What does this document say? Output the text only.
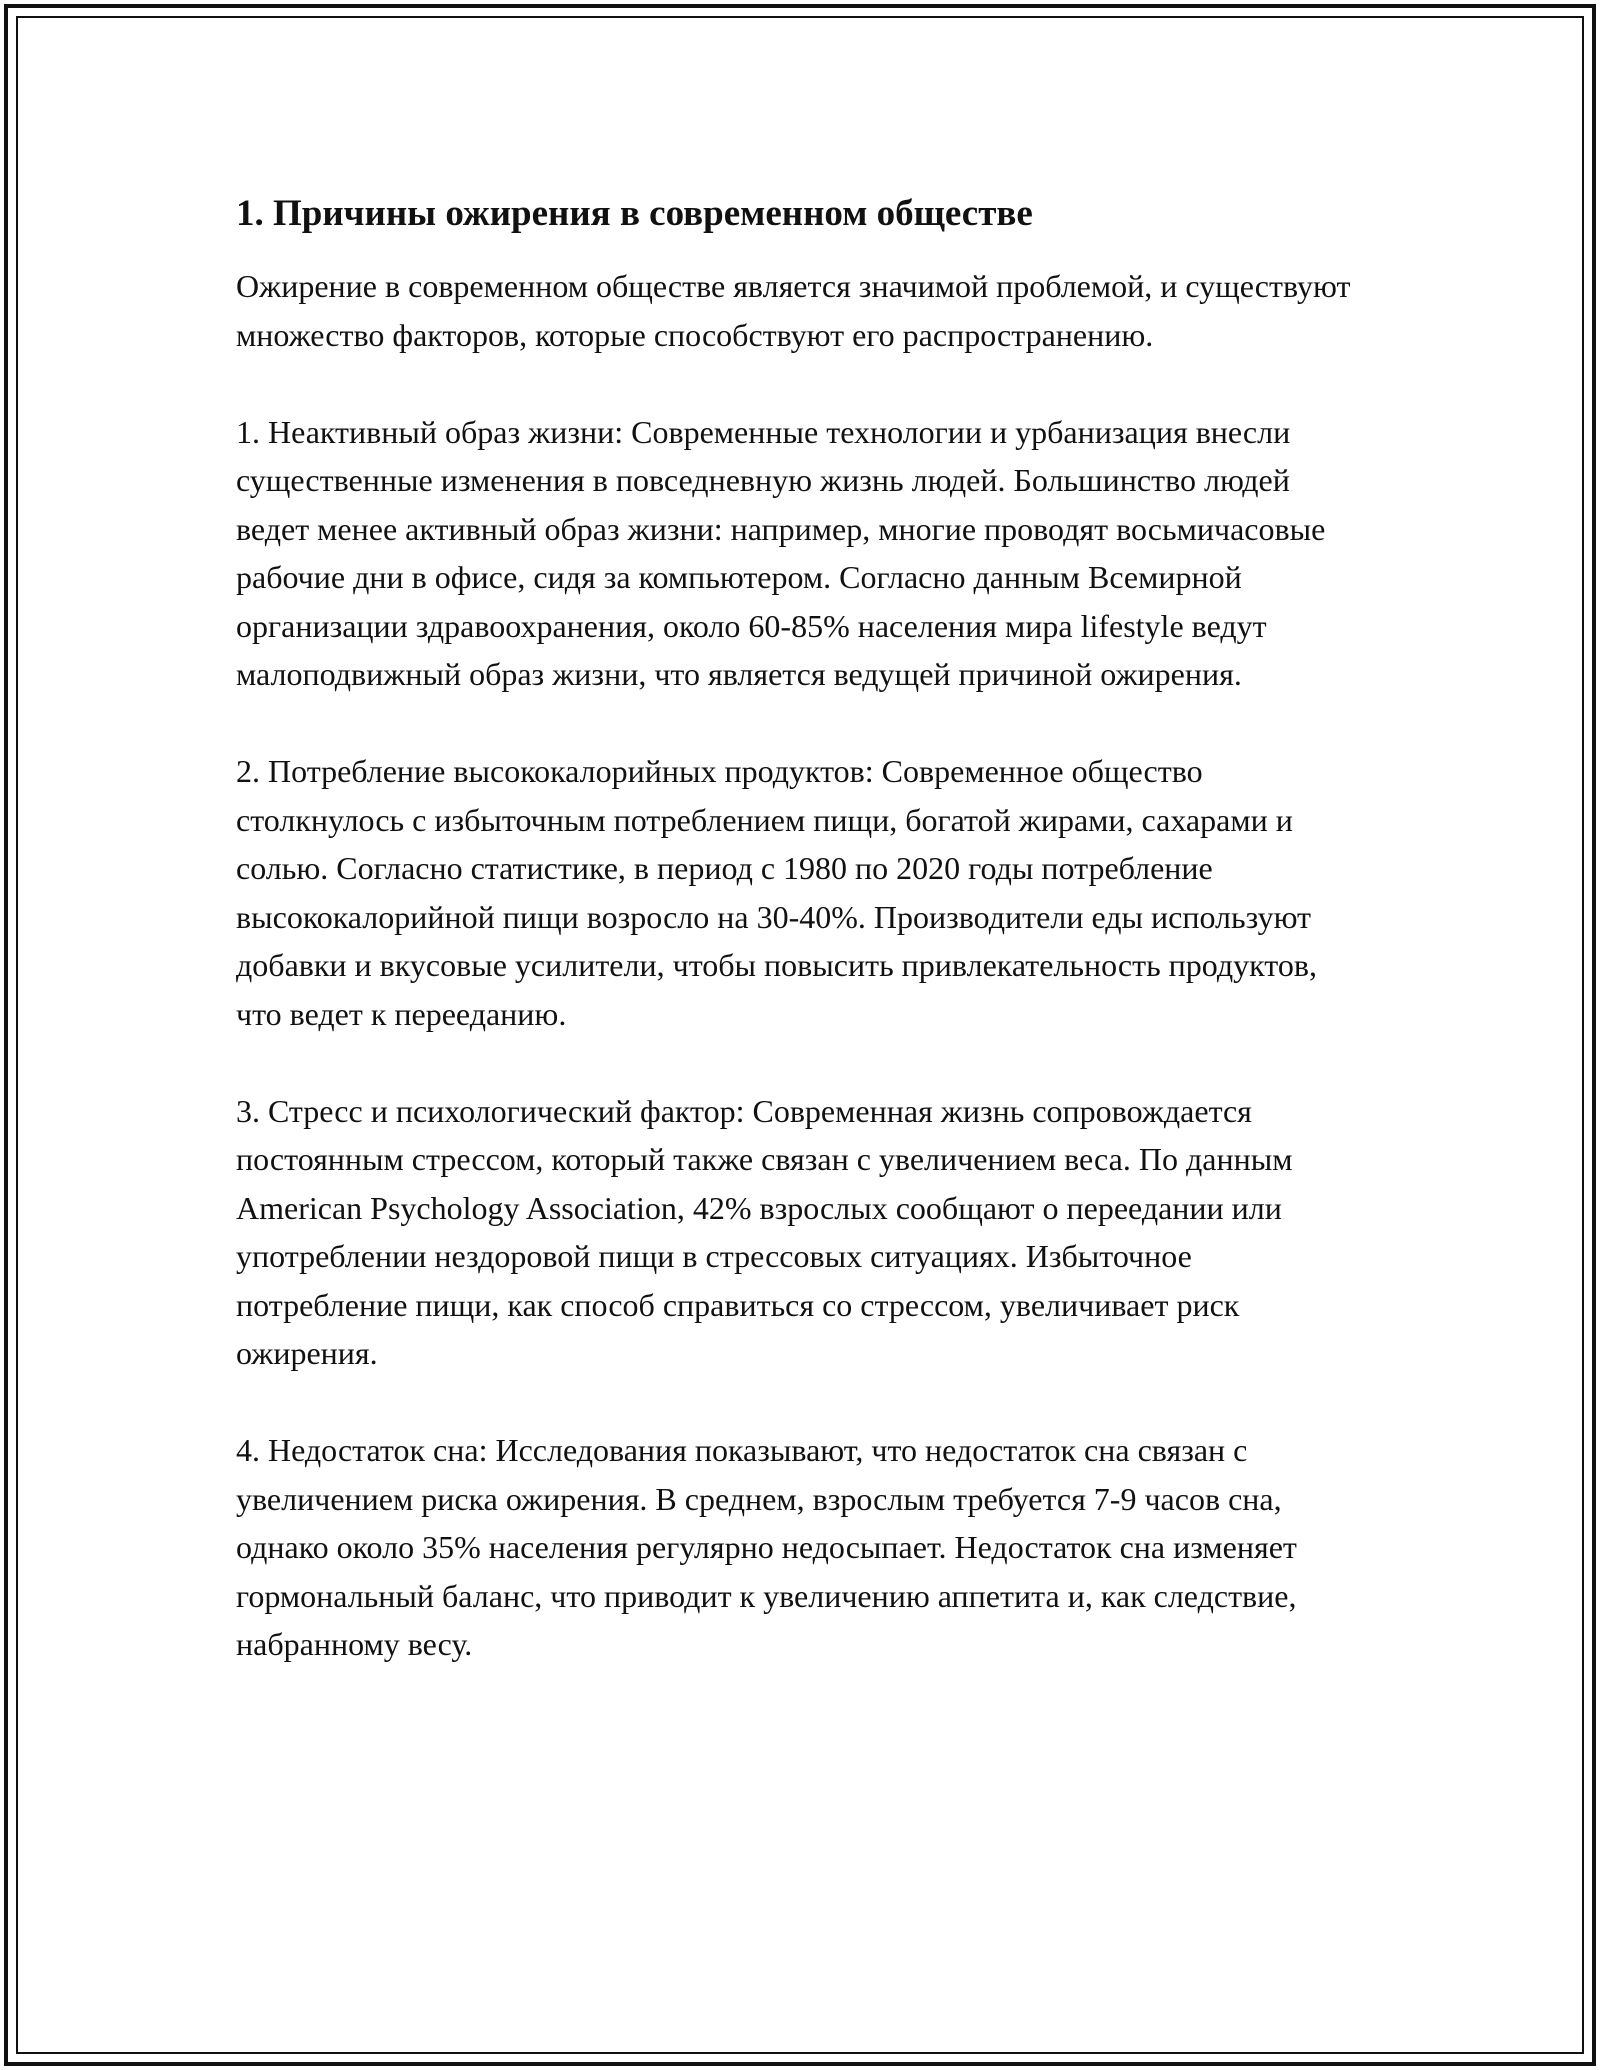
1. Причины ожирения в современном обществе

Ожирение в современном обществе является значимой проблемой, и существуют множество факторов, которые способствуют его распространению.

1. Неактивный образ жизни: Современные технологии и урбанизация внесли существенные изменения в повседневную жизнь людей. Большинство людей ведет менее активный образ жизни: например, многие проводят восьмичасовые рабочие дни в офисе, сидя за компьютером. Согласно данным Всемирной организации здравоохранения, около 60-85% населения мира lifestyle ведут малоподвижный образ жизни, что является ведущей причиной ожирения.

2. Потребление высококалорийных продуктов: Современное общество столкнулось с избыточным потреблением пищи, богатой жирами, сахарами и солью. Согласно статистике, в период с 1980 по 2020 годы потребление высококалорийной пищи возросло на 30-40%. Производители еды используют добавки и вкусовые усилители, чтобы повысить привлекательность продуктов, что ведет к перееданию.

3. Стресс и психологический фактор: Современная жизнь сопровождается постоянным стрессом, который также связан с увеличением веса. По данным American Psychology Association, 42% взрослых сообщают о переедании или употреблении нездоровой пищи в стрессовых ситуациях. Избыточное потребление пищи, как способ справиться со стрессом, увеличивает риск ожирения.

4. Недостаток сна: Исследования показывают, что недостаток сна связан с увеличением риска ожирения. В среднем, взрослым требуется 7-9 часов сна, однако около 35% населения регулярно недосыпает. Недостаток сна изменяет гормональный баланс, что приводит к увеличению аппетита и, как следствие, набранному весу.
